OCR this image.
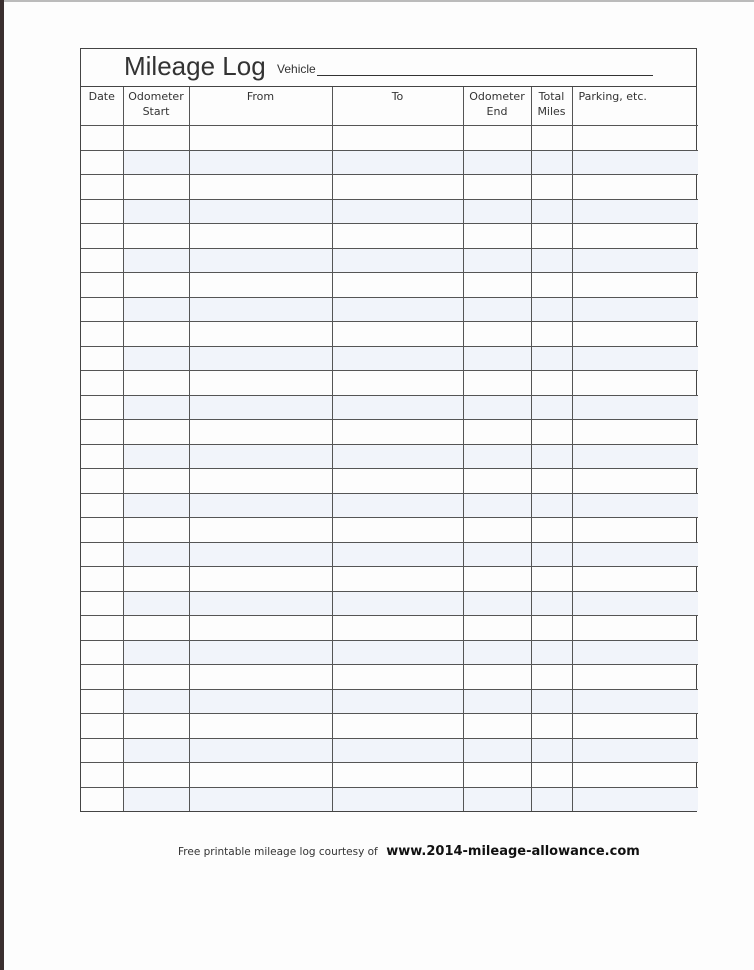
Mileage Log Vehicle
Date	Odometer Start	From	To	Odometer End	Total Miles	Parking, etc.

Free printable mileage log courtesy of www.2014-mileage-allowance.com
